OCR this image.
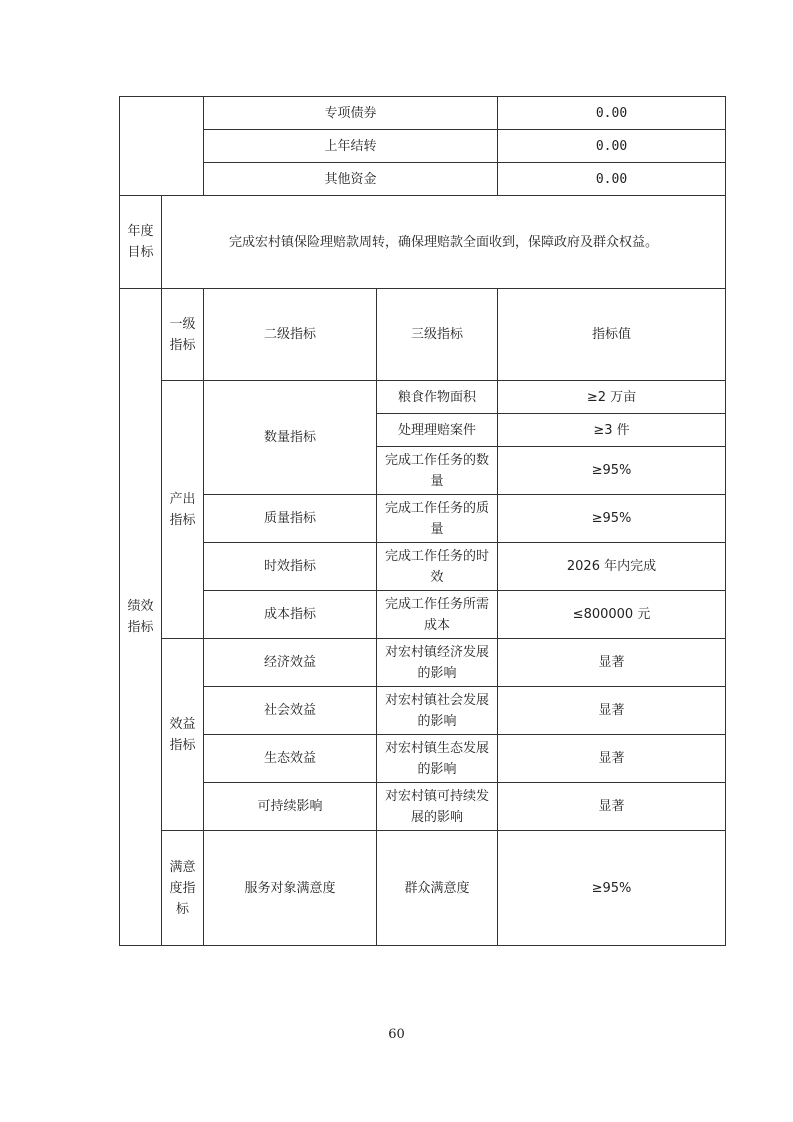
		专项债券		0.00
		上年结转		0.00
		其他资金		0.00
年度目标	完成宏村镇保险理赔款周转，确保理赔款全面收到，保障政府及群众权益。			
绩效指标	一级指标	二级指标	三级指标	指标值
	产出指标	数量指标	粮食作物面积	≥2 万亩
			处理理赔案件	≥3 件
			完成工作任务的数量	≥95%
		质量指标	完成工作任务的质量	≥95%
		时效指标	完成工作任务的时效	2026 年内完成
		成本指标	完成工作任务所需成本	≤800000 元
	效益指标	经济效益	对宏村镇经济发展的影响	显著
		社会效益	对宏村镇社会发展的影响	显著
		生态效益	对宏村镇生态发展的影响	显著
		可持续影响	对宏村镇可持续发展的影响	显著
	满意度指标	服务对象满意度	群众满意度	≥95%
60
